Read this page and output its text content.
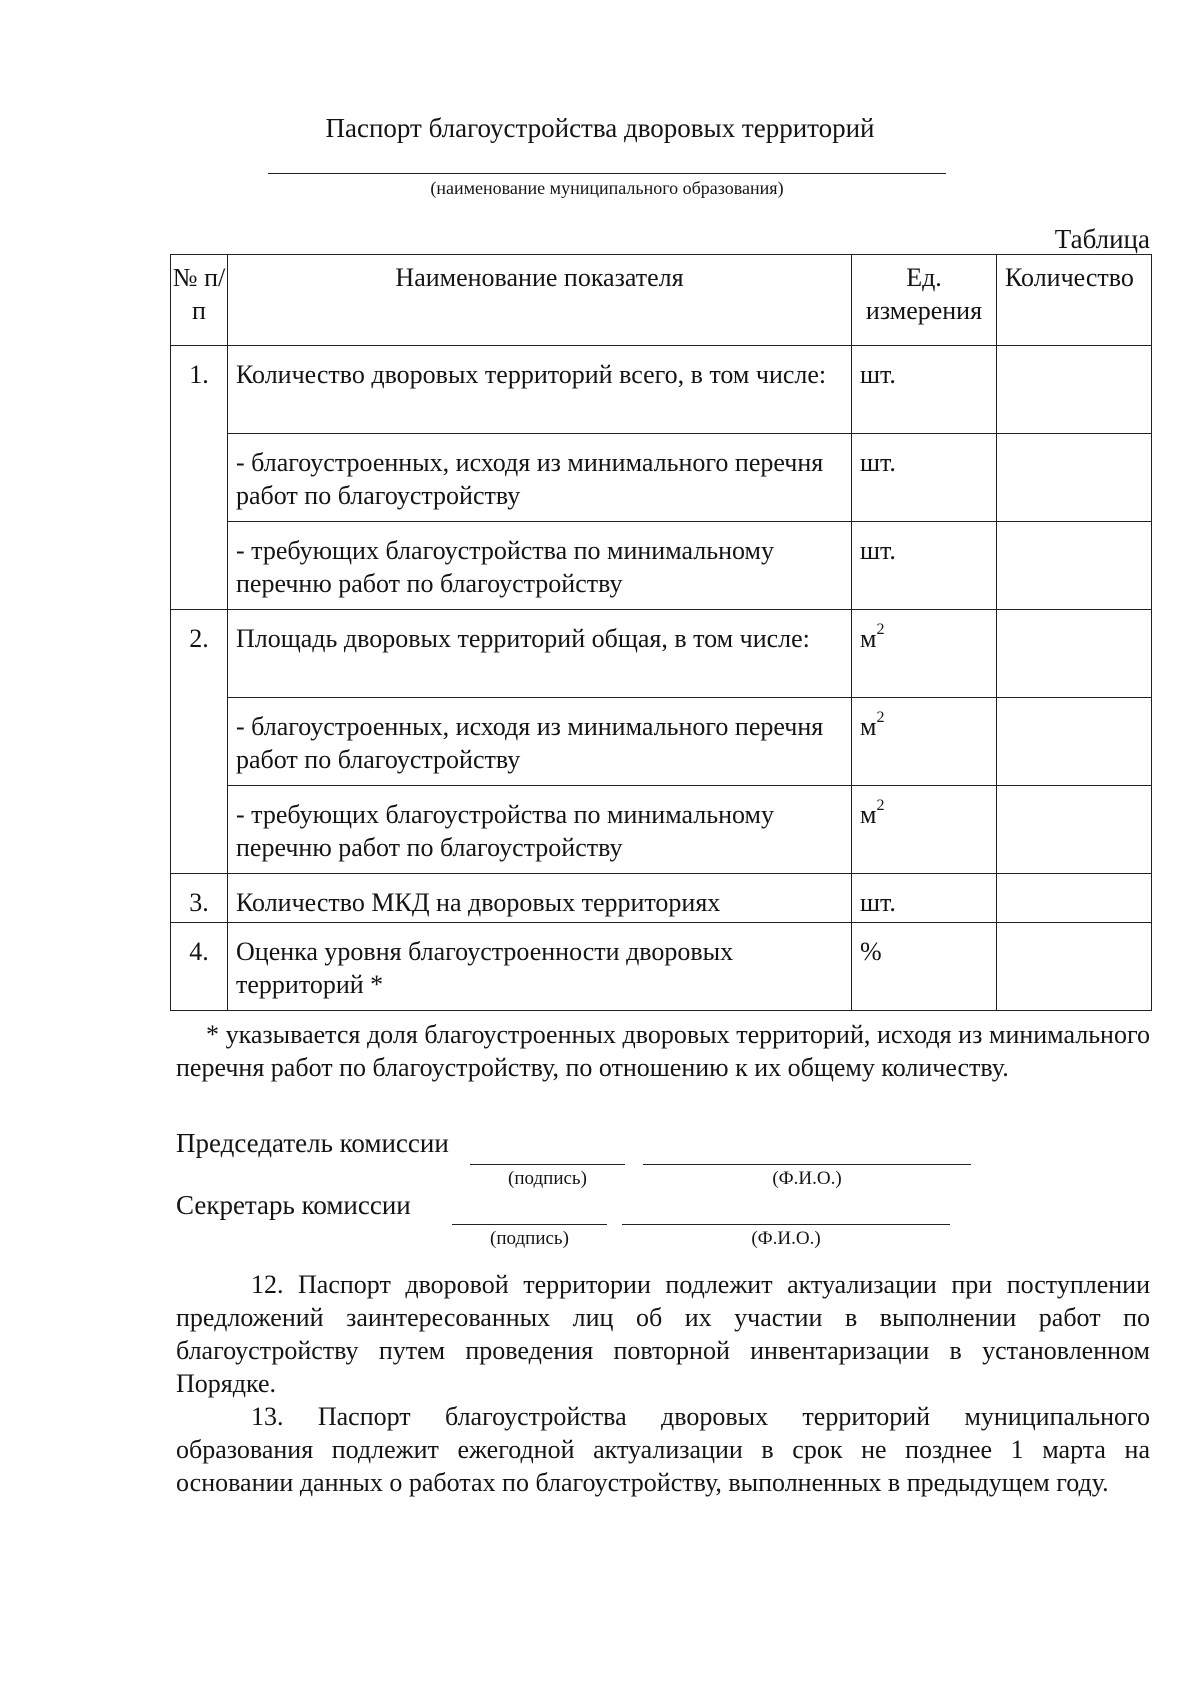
Паспорт благоустройства дворовых территорий
(наименование муниципального образования)
Таблица
№ п/п	Наименование показателя	Ед. измерения	Количество
1.	Количество дворовых территорий всего, в том числе:	шт.	
	- благоустроенных, исходя из минимального перечня работ по благоустройству	шт.	
	- требующих благоустройства по минимальному перечню работ по благоустройству	шт.	
2.	Площадь дворовых территорий общая, в том числе:	$м^2$	
	- благоустроенных, исходя из минимального перечня работ по благоустройству	$м^2$	
	- требующих благоустройства по минимальному перечню работ по благоустройству	$м^2$	
3.	Количество МКД на дворовых территориях	шт.	
4.	Оценка уровня благоустроенности дворовых территорий *	%	
* указывается доля благоустроенных дворовых территорий, исходя из минимального перечня работ по благоустройству, по отношению к их общему количеству.
Председатель комиссии
(подпись)	(Ф.И.О.)
Секретарь комиссии
(подпись)	(Ф.И.О.)
12. Паспорт дворовой территории подлежит актуализации при поступлении предложений заинтересованных лиц об их участии в выполнении работ по благоустройству путем проведения повторной инвентаризации в установленном Порядке.
13. Паспорт благоустройства дворовых территорий муниципального образования подлежит ежегодной актуализации в срок не позднее 1 марта на основании данных о работах по благоустройству, выполненных в предыдущем году.
